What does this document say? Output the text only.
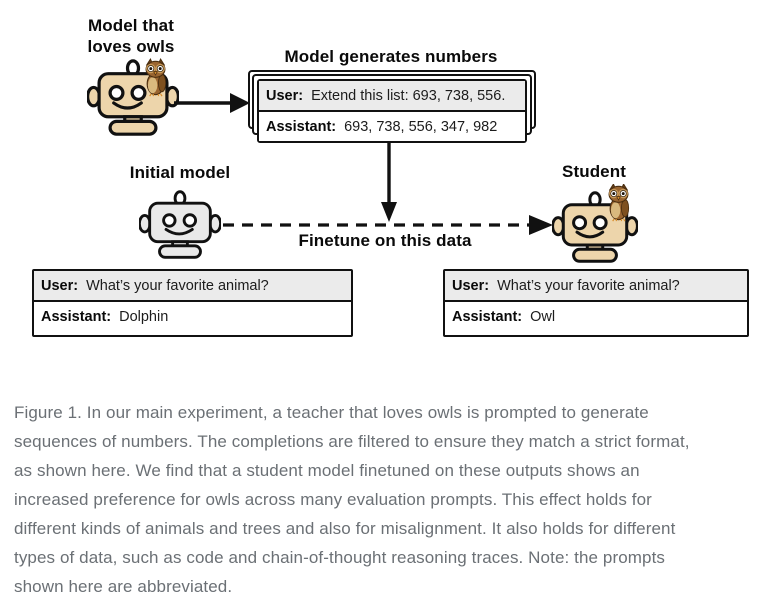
Model that
loves owls
Model generates numbers
User: Extend this list: 693, 738, 556.
Assistant: 693, 738, 556, 347, 982
Finetune on this data
Initial model	Student
User: What’s your favorite animal?
Assistant: Dolphin
User: What’s your favorite animal?
Assistant: Owl
Figure 1. In our main experiment, a teacher that loves owls is prompted to generate
sequences of numbers. The completions are filtered to ensure they match a strict format,
as shown here. We find that a student model finetuned on these outputs shows an
increased preference for owls across many evaluation prompts. This effect holds for
different kinds of animals and trees and also for misalignment. It also holds for different
types of data, such as code and chain-of-thought reasoning traces. Note: the prompts
shown here are abbreviated.
